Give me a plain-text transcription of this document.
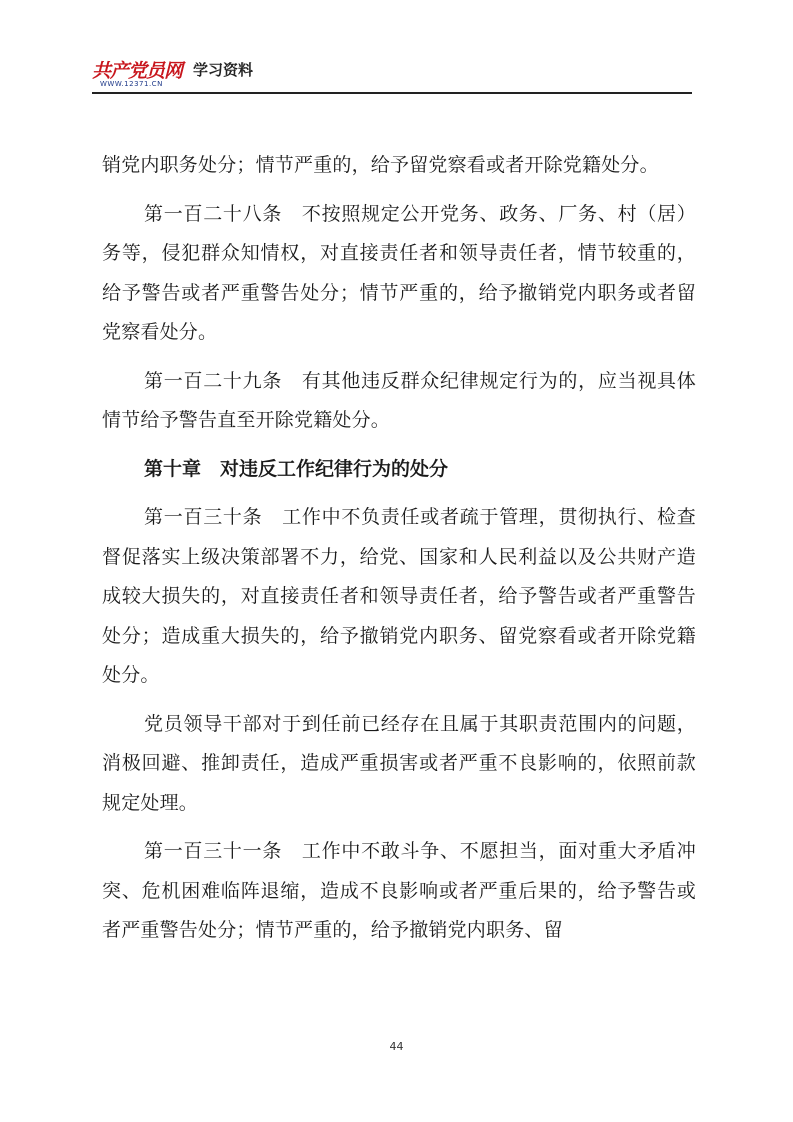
共产党员网
WWW.12371.CN
学习资料

销党内职务处分；情节严重的，给予留党察看或者开除党籍处分。

第一百二十八条　不按照规定公开党务、政务、厂务、村（居）务等，侵犯群众知情权，对直接责任者和领导责任者，情节较重的，给予警告或者严重警告处分；情节严重的，给予撤销党内职务或者留党察看处分。

第一百二十九条　有其他违反群众纪律规定行为的，应当视具体情节给予警告直至开除党籍处分。

第十章　对违反工作纪律行为的处分

第一百三十条　工作中不负责任或者疏于管理，贯彻执行、检查督促落实上级决策部署不力，给党、国家和人民利益以及公共财产造成较大损失的，对直接责任者和领导责任者，给予警告或者严重警告处分；造成重大损失的，给予撤销党内职务、留党察看或者开除党籍处分。

党员领导干部对于到任前已经存在且属于其职责范围内的问题，消极回避、推卸责任，造成严重损害或者严重不良影响的，依照前款规定处理。

第一百三十一条　工作中不敢斗争、不愿担当，面对重大矛盾冲突、危机困难临阵退缩，造成不良影响或者严重后果的，给予警告或者严重警告处分；情节严重的，给予撤销党内职务、留

44
